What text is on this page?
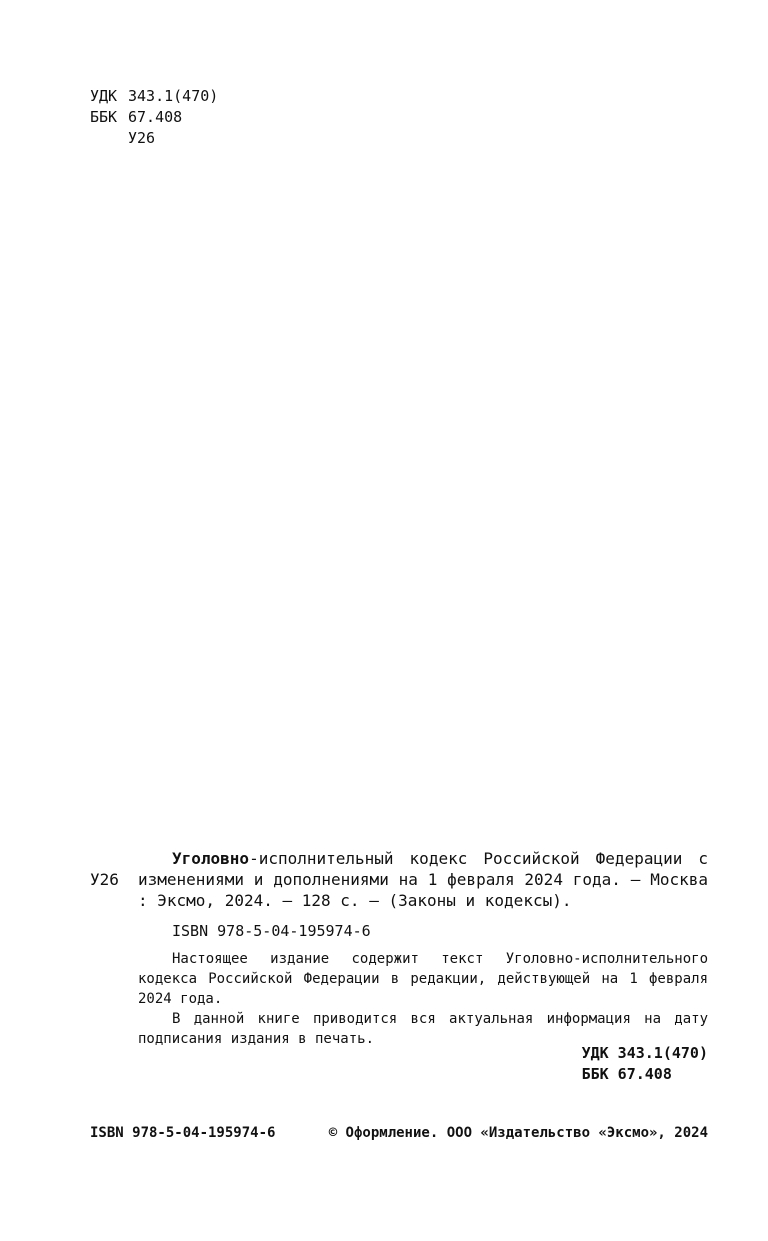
УДК 343.1(470)
ББК 67.408
У26
У26

Уголовно-исполнительный кодекс Российской Федерации с изменениями и дополнениями на 1 февраля 2024 года. — Москва : Эксмо, 2024. — 128 с. — (Законы и кодексы).

ISBN 978-5-04-195974-6

Настоящее издание содержит текст Уголовно-исполнительного кодекса Российской Федерации в редакции, действующей на 1 февраля 2024 года.

В данной книге приводится вся актуальная информация на дату подписания издания в печать.

УДК 343.1(470)
ББК 67.408
ISBN 978-5-04-195974-6	© Оформление. ООО «Издательство «Эксмо», 2024
